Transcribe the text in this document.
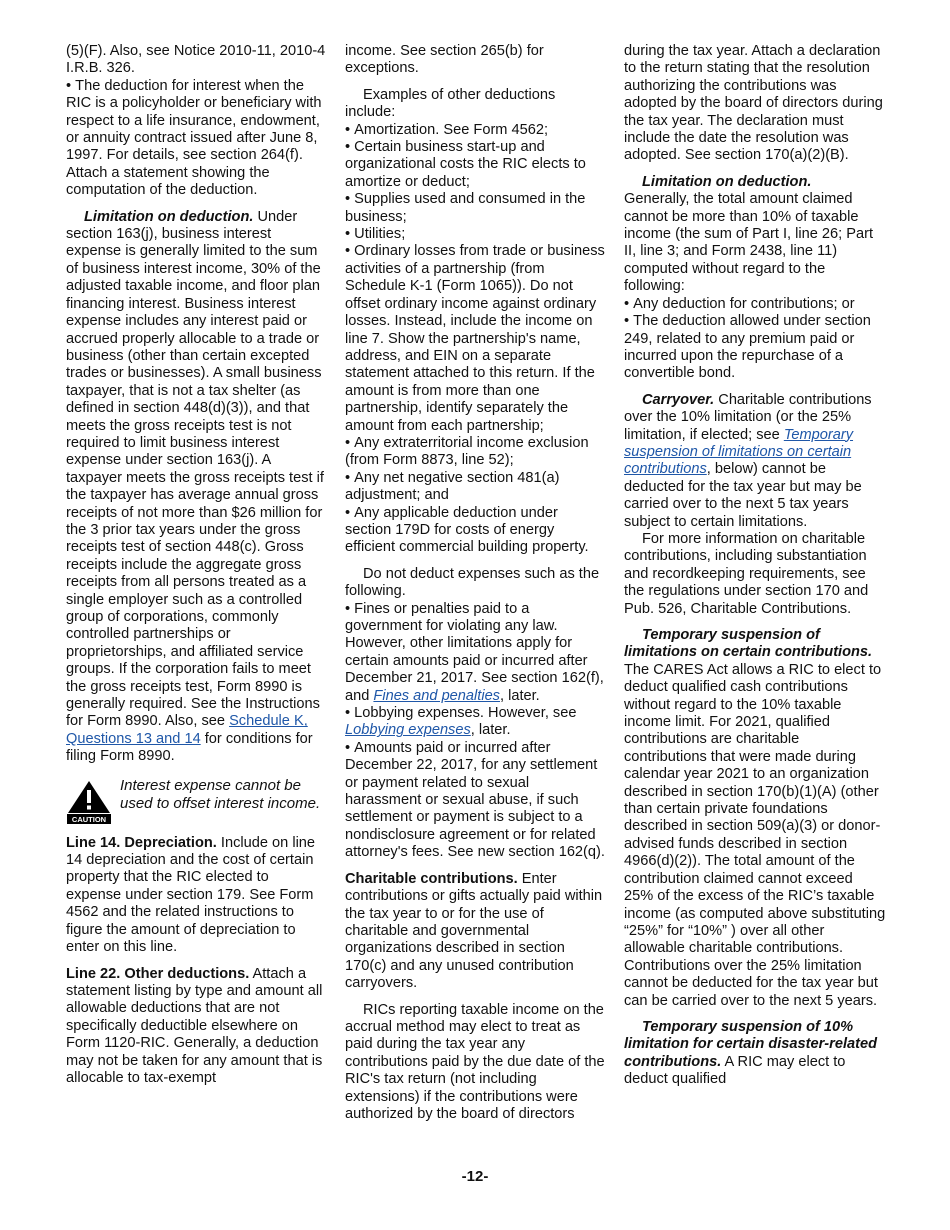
(5)(F). Also, see Notice 2010-11, 2010-4 I.R.B. 326.

• The deduction for interest when the RIC is a policyholder or beneficiary with respect to a life insurance, endowment, or annuity contract issued after June 8, 1997. For details, see section 264(f). Attach a statement showing the computation of the deduction.

Limitation on deduction. Under section 163(j), business interest expense is generally limited to the sum of business interest income, 30% of the adjusted taxable income, and floor plan financing interest. Business interest expense includes any interest paid or accrued properly allocable to a trade or business (other than certain excepted trades or businesses). A small business taxpayer, that is not a tax shelter (as defined in section 448(d)(3)), and that meets the gross receipts test is not required to limit business interest expense under section 163(j). A taxpayer meets the gross receipts test if the taxpayer has average annual gross receipts of not more than $26 million for the 3 prior tax years under the gross receipts test of section 448(c). Gross receipts include the aggregate gross receipts from all persons treated as a single employer such as a controlled group of corporations, commonly controlled partnerships or proprietorships, and affiliated service groups. If the corporation fails to meet the gross receipts test, Form 8990 is generally required. See the Instructions for Form 8990. Also, see Schedule K, Questions 13 and 14 for conditions for filing Form 8990.

CAUTION
Interest expense cannot be used to offset interest income.

Line 14. Depreciation. Include on line 14 depreciation and the cost of certain property that the RIC elected to expense under section 179. See Form 4562 and the related instructions to figure the amount of depreciation to enter on this line.

Line 22. Other deductions. Attach a statement listing by type and amount all allowable deductions that are not specifically deductible elsewhere on Form 1120-RIC. Generally, a deduction may not be taken for any amount that is allocable to tax-exempt

income. See section 265(b) for exceptions.

Examples of other deductions include:

• Amortization. See Form 4562;

• Certain business start-up and organizational costs the RIC elects to amortize or deduct;

• Supplies used and consumed in the business;

• Utilities;

• Ordinary losses from trade or business activities of a partnership (from Schedule K-1 (Form 1065)). Do not offset ordinary income against ordinary losses. Instead, include the income on line 7. Show the partnership's name, address, and EIN on a separate statement attached to this return. If the amount is from more than one partnership, identify separately the amount from each partnership;

• Any extraterritorial income exclusion (from Form 8873, line 52);

• Any net negative section 481(a) adjustment; and

• Any applicable deduction under section 179D for costs of energy efficient commercial building property.

Do not deduct expenses such as the following.

• Fines or penalties paid to a government for violating any law. However, other limitations apply for certain amounts paid or incurred after December 21, 2017. See section 162(f), and Fines and penalties, later.

• Lobbying expenses. However, see Lobbying expenses, later.

• Amounts paid or incurred after December 22, 2017, for any settlement or payment related to sexual harassment or sexual abuse, if such settlement or payment is subject to a nondisclosure agreement or for related attorney's fees. See new section 162(q).

Charitable contributions. Enter contributions or gifts actually paid within the tax year to or for the use of charitable and governmental organizations described in section 170(c) and any unused contribution carryovers.

RICs reporting taxable income on the accrual method may elect to treat as paid during the tax year any contributions paid by the due date of the RIC's tax return (not including extensions) if the contributions were authorized by the board of directors

during the tax year. Attach a declaration to the return stating that the resolution authorizing the contributions was adopted by the board of directors during the tax year. The declaration must include the date the resolution was adopted. See section 170(a)(2)(B).

Limitation on deduction.

Generally, the total amount claimed cannot be more than 10% of taxable income (the sum of Part I, line 26; Part II, line 3; and Form 2438, line 11) computed without regard to the following:

• Any deduction for contributions; or

• The deduction allowed under section 249, related to any premium paid or incurred upon the repurchase of a convertible bond.

Carryover. Charitable contributions over the 10% limitation (or the 25% limitation, if elected; see Temporary suspension of limitations on certain contributions, below) cannot be deducted for the tax year but may be carried over to the next 5 tax years subject to certain limitations.

For more information on charitable contributions, including substantiation and recordkeeping requirements, see the regulations under section 170 and Pub. 526, Charitable Contributions.

Temporary suspension of limitations on certain contributions. The CARES Act allows a RIC to elect to deduct qualified cash contributions without regard to the 10% taxable income limit. For 2021, qualified contributions are charitable contributions that were made during calendar year 2021 to an organization described in section 170(b)(1)(A) (other than certain private foundations described in section 509(a)(3) or donor-advised funds described in section 4966(d)(2)). The total amount of the contribution claimed cannot exceed 25% of the excess of the RIC’s taxable income (as computed above substituting “25%” for “10%” ) over all other allowable charitable contributions. Contributions over the 25% limitation cannot be deducted for the tax year but can be carried over to the next 5 years.

Temporary suspension of 10% limitation for certain disaster-related contributions. A RIC may elect to deduct qualified

-12-
